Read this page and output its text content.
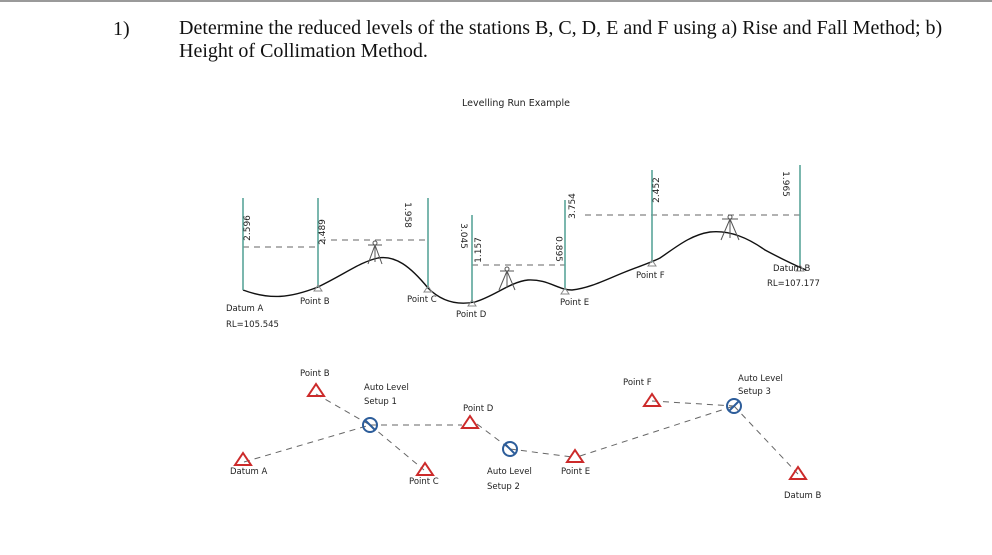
1) Determine the reduced levels of the stations B, C, D, E and F using a) Rise and Fall Method; b) Height of Collimation Method.
Levelling Run Example
2.596	2.489
1.958
3.045
1.157	0.895
3.754
2.452	1.965
Datum A
RL=105.545
Point B	Point C
Point D
Point E
Point F
Datum B
RL=107.177
Datum A
Point B
Point C
Point D
Point E
Point F
Datum B
Auto Level
Setup 1
Auto Level
Setup 2
Auto Level
Setup 3
